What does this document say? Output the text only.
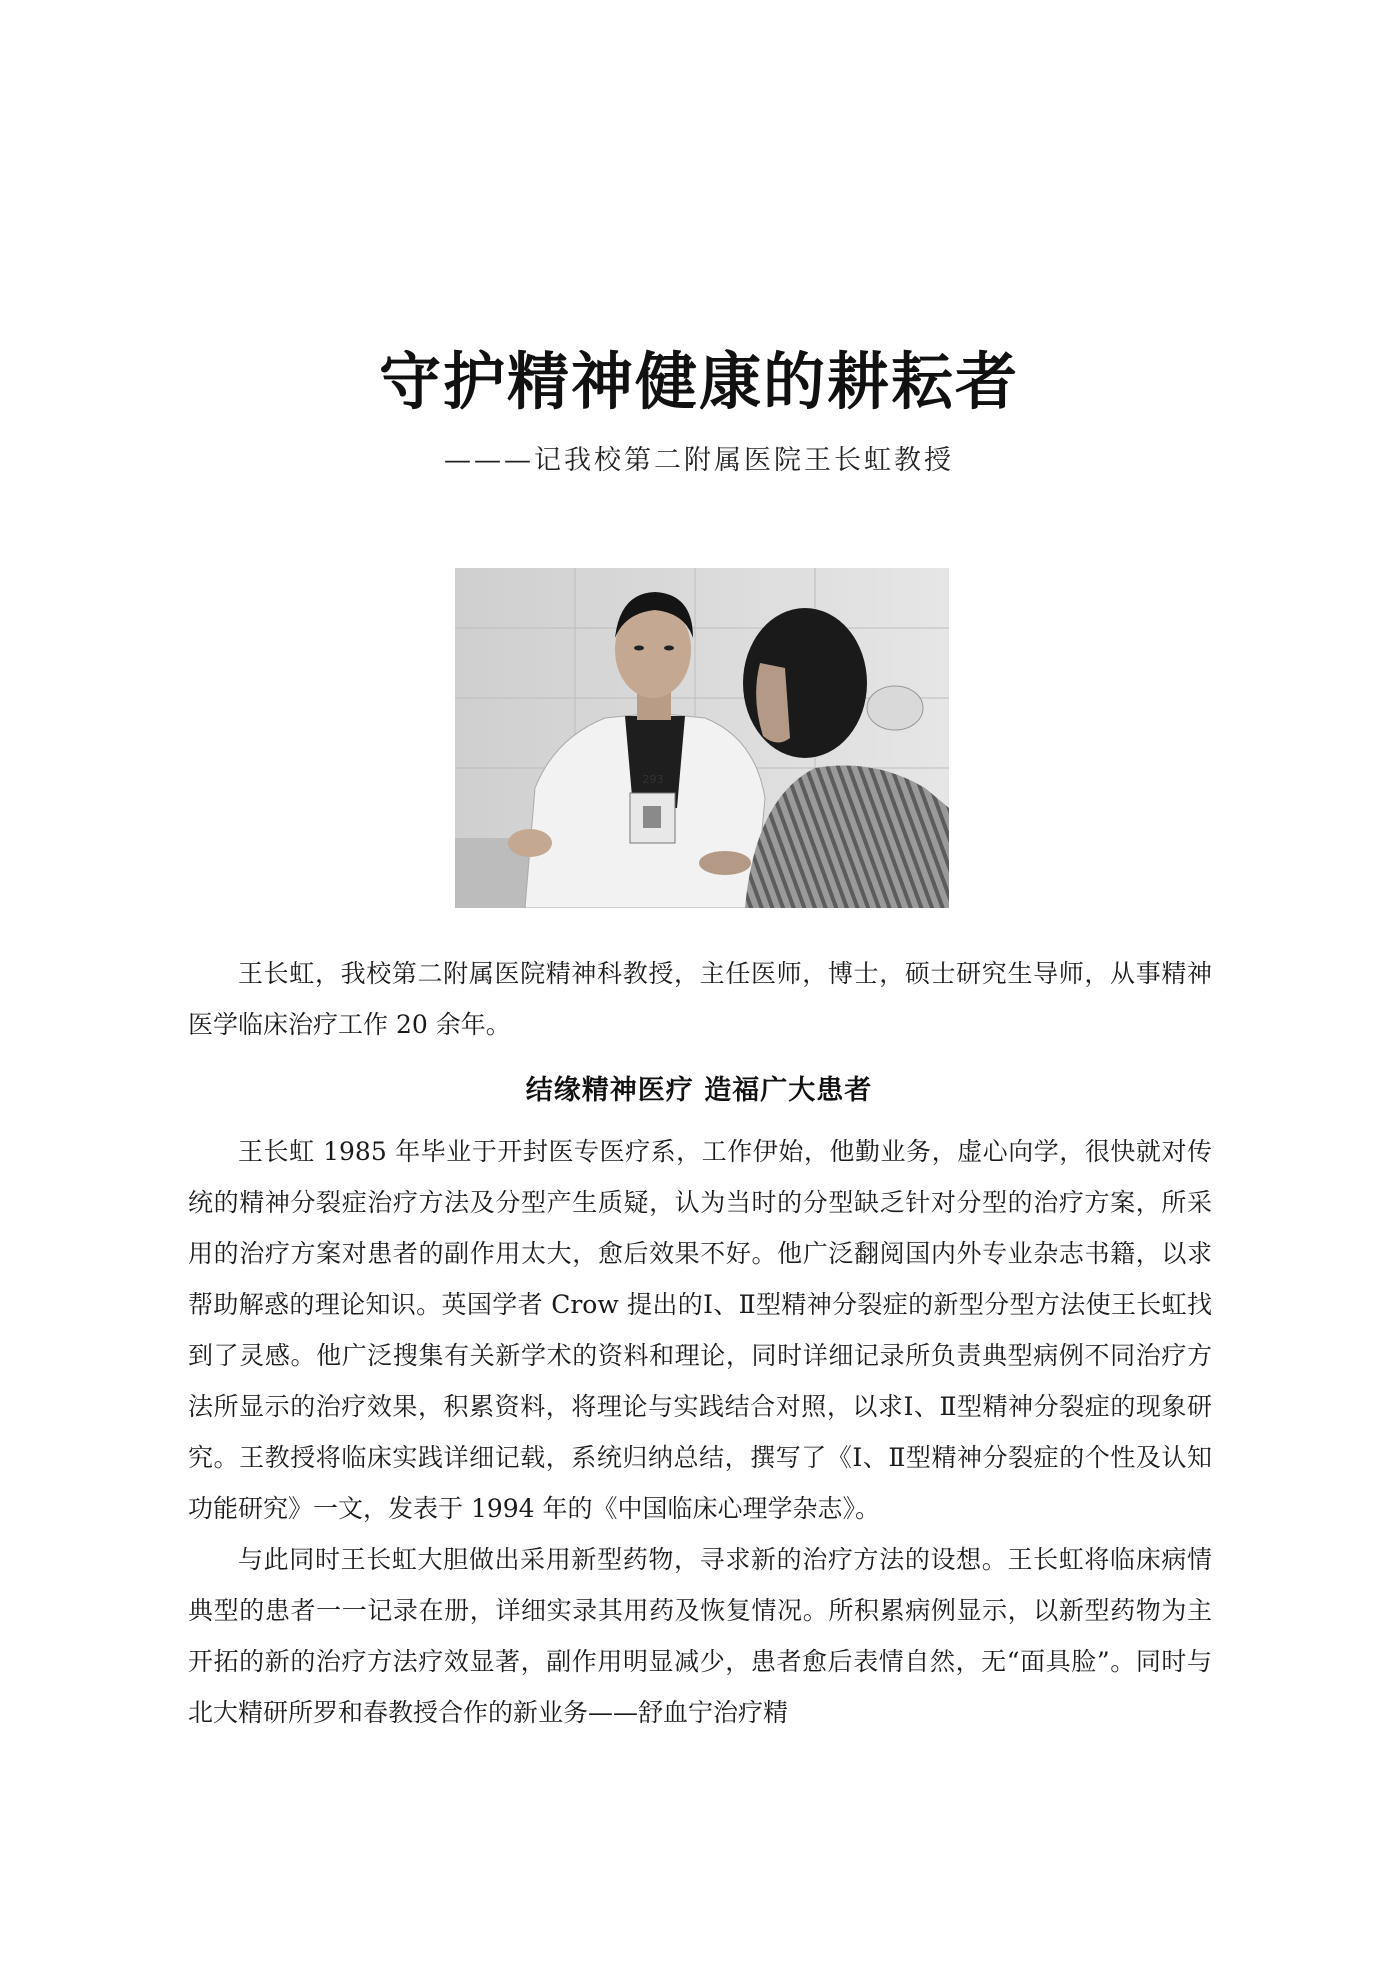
守护精神健康的耕耘者
———记我校第二附属医院王长虹教授
293

王长虹，我校第二附属医院精神科教授，主任医师，博士，硕士研究生导师，从事精神医学临床治疗工作 20 余年。

结缘精神医疗 造福广大患者

王长虹 1985 年毕业于开封医专医疗系，工作伊始，他勤业务，虚心向学，很快就对传统的精神分裂症治疗方法及分型产生质疑，认为当时的分型缺乏针对分型的治疗方案，所采用的治疗方案对患者的副作用太大，愈后效果不好。他广泛翻阅国内外专业杂志书籍，以求帮助解惑的理论知识。英国学者 Crow 提出的Ⅰ、Ⅱ型精神分裂症的新型分型方法使王长虹找到了灵感。他广泛搜集有关新学术的资料和理论，同时详细记录所负责典型病例不同治疗方法所显示的治疗效果，积累资料，将理论与实践结合对照，以求Ⅰ、Ⅱ型精神分裂症的现象研究。王教授将临床实践详细记载，系统归纳总结，撰写了《Ⅰ、Ⅱ型精神分裂症的个性及认知功能研究》一文，发表于 1994 年的《中国临床心理学杂志》。

与此同时王长虹大胆做出采用新型药物，寻求新的治疗方法的设想。王长虹将临床病情典型的患者一一记录在册，详细实录其用药及恢复情况。所积累病例显示，以新型药物为主开拓的新的治疗方法疗效显著，副作用明显减少，患者愈后表情自然，无“面具脸”。同时与北大精研所罗和春教授合作的新业务——舒血宁治疗精
